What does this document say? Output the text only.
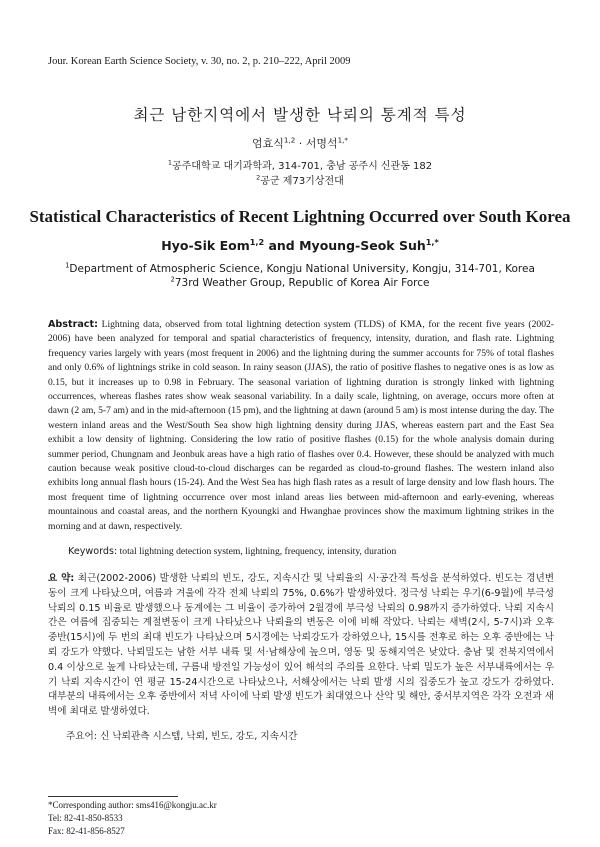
Jour. Korean Earth Science Society, v. 30, no. 2, p. 210–222, April 2009
최근 남한지역에서 발생한 낙뢰의 통계적 특성
엄효식$^{1,2}$ · 서명석$^{1,*}$
$^1$공주대학교 대기과학과, 314-701, 충남 공주시 신관동 182
$^2$공군 제73기상전대
Statistical Characteristics of Recent Lightning Occurred over South Korea
Hyo-Sik Eom$^{1,2}$ and Myoung-Seok Suh$^{1,*}$
$^1$Department of Atmospheric Science, Kongju National University, Kongju, 314-701, Korea
$^2$73rd Weather Group, Republic of Korea Air Force
Abstract: Lightning data, observed from total lightning detection system (TLDS) of KMA, for the recent five years (2002-2006) have been analyzed for temporal and spatial characteristics of frequency, intensity, duration, and flash rate. Lightning frequency varies largely with years (most frequent in 2006) and the lightning during the summer accounts for 75% of total flashes and only 0.6% of lightnings strike in cold season. In rainy season (JJAS), the ratio of positive flashes to negative ones is as low as 0.15, but it increases up to 0.98 in February. The seasonal variation of lightning duration is strongly linked with lightning occurrences, whereas flashes rates show weak seasonal variability. In a daily scale, lightning, on average, occurs more often at dawn (2 am, 5-7 am) and in the mid-afternoon (15 pm), and the lightning at dawn (around 5 am) is most intense during the day. The western inland areas and the West/South Sea show high lightning density during JJAS, whereas eastern part and the East Sea exhibit a low density of lightning. Considering the low ratio of positive flashes (0.15) for the whole analysis domain during summer period, Chungnam and Jeonbuk areas have a high ratio of flashes over 0.4. However, these should be analyzed with much caution because weak positive cloud-to-cloud discharges can be regarded as cloud-to-ground flashes. The western inland also exhibits long annual flash hours (15-24). And the West Sea has high flash rates as a result of large density and low flash hours. The most frequent time of lightning occurrence over most inland areas lies between mid-afternoon and early-evening, whereas mountainous and coastal areas, and the northern Kyoungki and Hwanghae provinces show the maximum lightning strikes in the morning and at dawn, respectively.
Keywords: total lightning detection system, lightning, frequency, intensity, duration
요 약: 최근(2002-2006) 발생한 낙뢰의 빈도, 강도, 지속시간 및 낙뢰율의 시·공간적 특성을 분석하였다. 빈도는 경년변동이 크게 나타났으며, 여름과 겨울에 각각 전체 낙뢰의 75%, 0.6%가 발생하였다. 정극성 낙뢰는 우기(6-9월)에 부극성 낙뢰의 0.15 비율로 발생했으나 동계에는 그 비율이 증가하여 2월경에 부극성 낙뢰의 0.98까지 증가하였다. 낙뢰 지속시간은 여름에 집중되는 계절변동이 크게 나타났으나 낙뢰율의 변동은 이에 비해 작았다. 낙뢰는 새벽(2시, 5-7시)과 오후 중반(15시)에 두 번의 최대 빈도가 나타났으며 5시경에는 낙뢰강도가 강하였으나, 15시를 전후로 하는 오후 중반에는 낙뢰 강도가 약했다. 낙뢰밀도는 남한 서부 내륙 및 서·남해상에 높으며, 영동 및 동해지역은 낮았다. 충남 및 전북지역에서 0.4 이상으로 높게 나타났는데, 구름내 방전일 가능성이 있어 해석의 주의를 요한다. 낙뢰 밀도가 높은 서부내륙에서는 우기 낙뢰 지속시간이 연 평균 15-24시간으로 나타났으나, 서해상에서는 낙뢰 발생 시의 집중도가 높고 강도가 강하였다. 대부분의 내륙에서는 오후 중반에서 저녁 사이에 낙뢰 발생 빈도가 최대였으나 산악 및 해안, 중서부지역은 각각 오전과 새벽에 최대로 발생하였다.
주요어: 신 낙뢰관측 시스템, 낙뢰, 빈도, 강도, 지속시간
*Corresponding author: sms416@kongju.ac.kr
Tel: 82-41-850-8533
Fax: 82-41-856-8527
